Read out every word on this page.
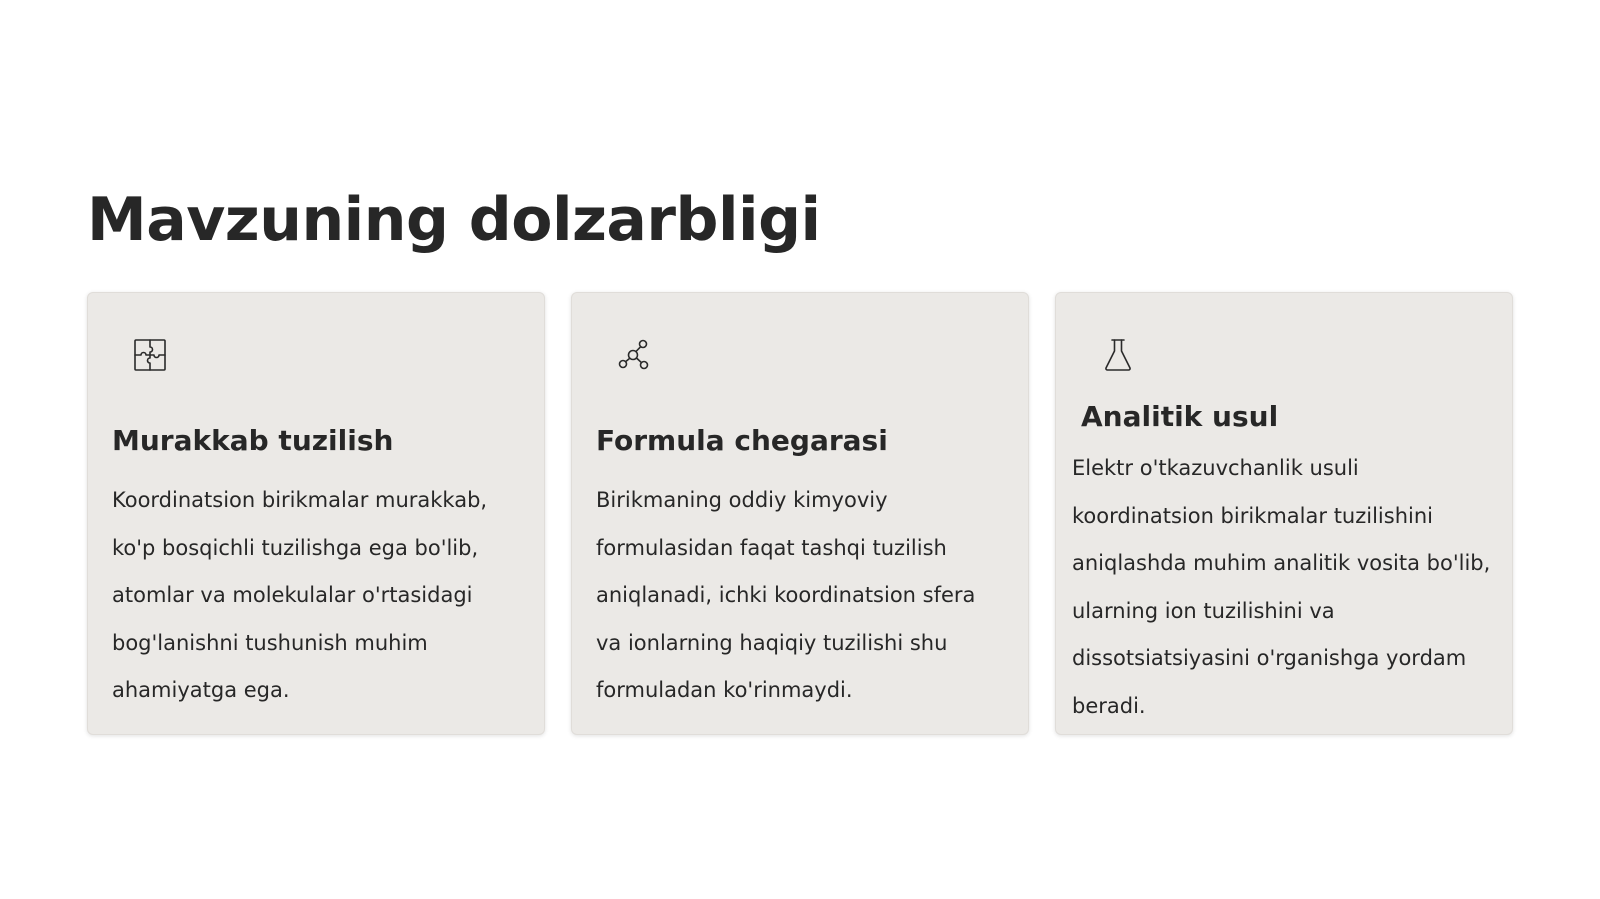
Mavzuning dolzarbligi
Murakkab tuzilish

Koordinatsion birikmalar murakkab, ko'p bosqichli tuzilishga ega bo'lib, atomlar va molekulalar o'rtasidagi bog'lanishni tushunish muhim ahamiyatga ega.

Formula chegarasi

Birikmaning oddiy kimyoviy formulasidan faqat tashqi tuzilish aniqlanadi, ichki koordinatsion sfera va ionlarning haqiqiy tuzilishi shu formuladan ko'rinmaydi.

Analitik usul

Elektr o'tkazuvchanlik usuli koordinatsion birikmalar tuzilishini aniqlashda muhim analitik vosita bo'lib, ularning ion tuzilishini va dissotsiatsiyasini o'rganishga yordam beradi.
